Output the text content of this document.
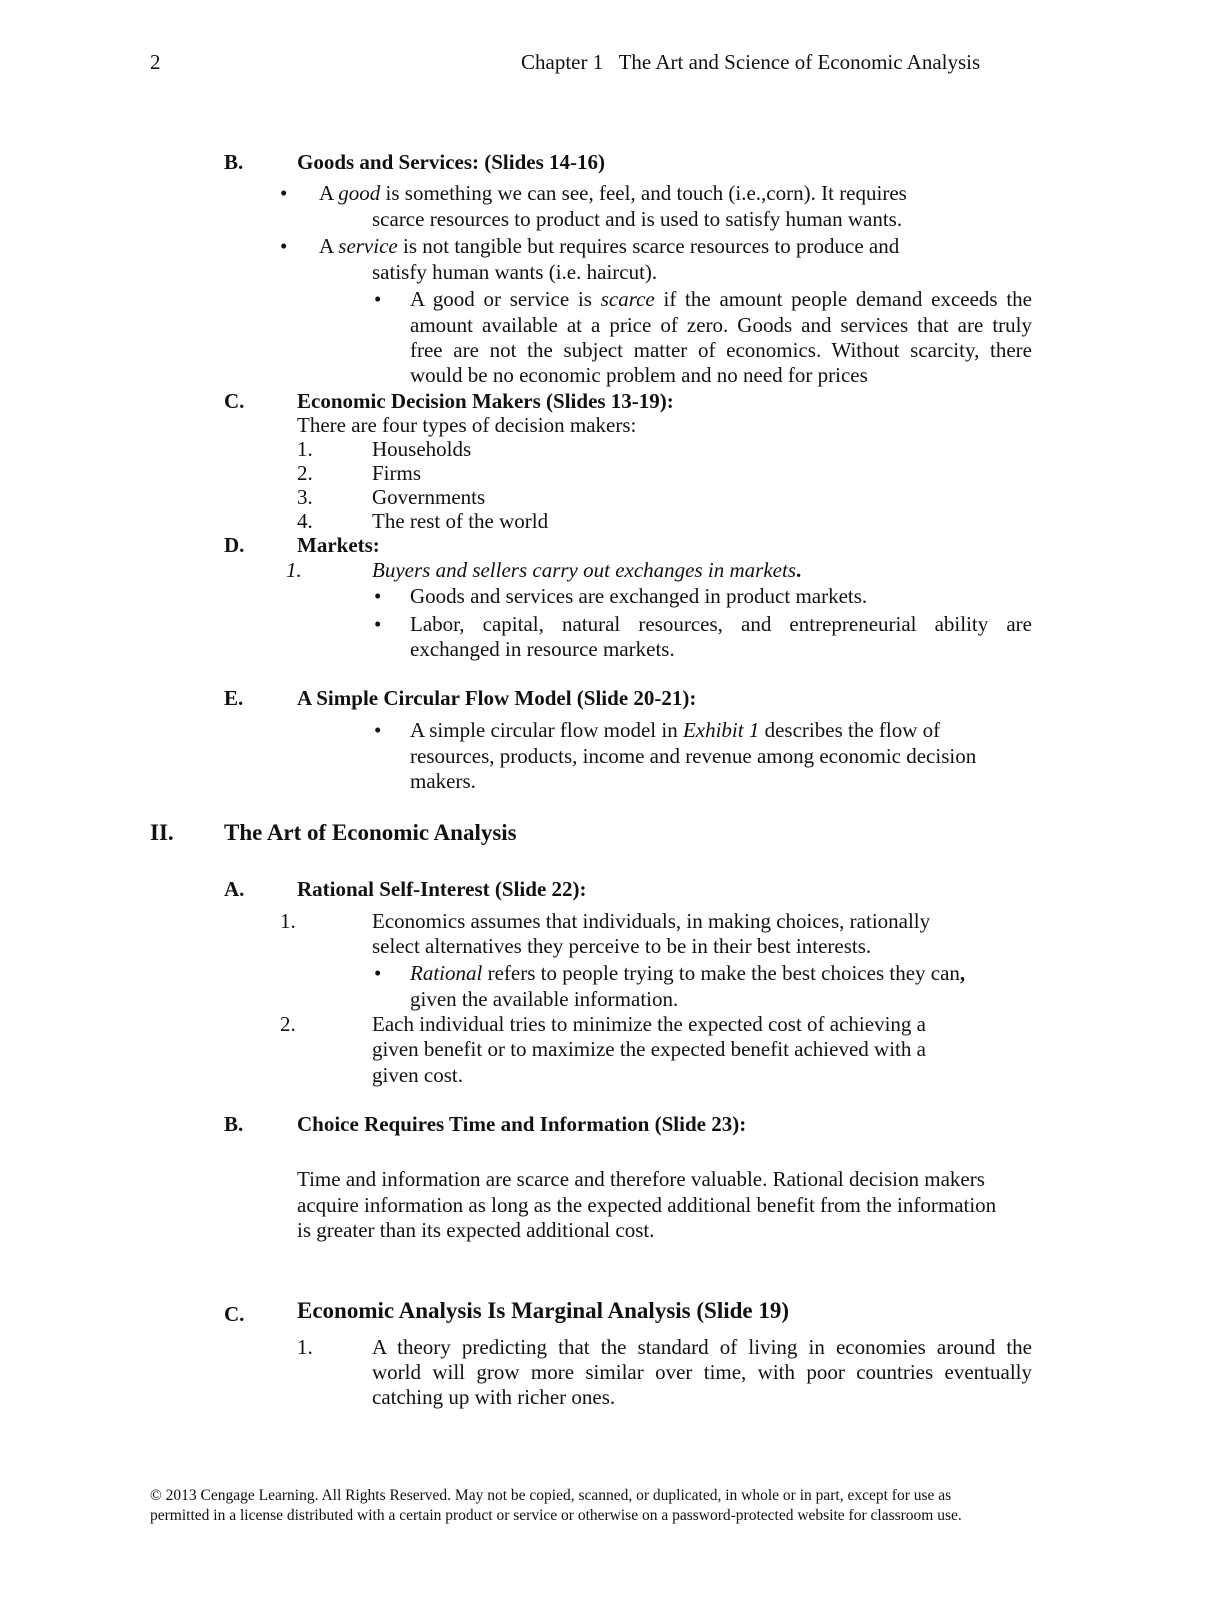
2	Chapter 1 The Art and Science of Economic Analysis
B.	Goods and Services: (Slides 14-16)
• A good is something we can see, feel, and touch (i.e.,corn). It requires
scarce resources to product and is used to satisfy human wants.
• A service is not tangible but requires scarce resources to produce and
satisfy human wants (i.e. haircut).
• A good or service is scarce if the amount people demand exceeds the
amount available at a price of zero. Goods and services that are truly
free are not the subject matter of economics. Without scarcity, there
would be no economic problem and no need for prices
C.	Economic Decision Makers (Slides 13-19):
There are four types of decision makers:
1.	Households
2.	Firms
3.	Governments
4.	The rest of the world
D.	Markets:
1.	Buyers and sellers carry out exchanges in markets.
• Goods and services are exchanged in product markets.
• Labor, capital, natural resources, and entrepreneurial ability are
exchanged in resource markets.
E.	A Simple Circular Flow Model (Slide 20-21):
• A simple circular flow model in Exhibit 1 describes the flow of
resources, products, income and revenue among economic decision
makers.
II. The Art of Economic Analysis
A.	Rational Self-Interest (Slide 22):
1.	Economics assumes that individuals, in making choices, rationally
select alternatives they perceive to be in their best interests.
• Rational refers to people trying to make the best choices they can,
given the available information.
2.	Each individual tries to minimize the expected cost of achieving a
given benefit or to maximize the expected benefit achieved with a
given cost.
B.	Choice Requires Time and Information (Slide 23):
Time and information are scarce and therefore valuable. Rational decision makers
acquire information as long as the expected additional benefit from the information
is greater than its expected additional cost.
C. Economic Analysis Is Marginal Analysis (Slide 19)
1.	A theory predicting that the standard of living in economies around the
world will grow more similar over time, with poor countries eventually
catching up with richer ones.
© 2013 Cengage Learning. All Rights Reserved. May not be copied, scanned, or duplicated, in whole or in part, except for use as
permitted in a license distributed with a certain product or service or otherwise on a password-protected website for classroom use.
